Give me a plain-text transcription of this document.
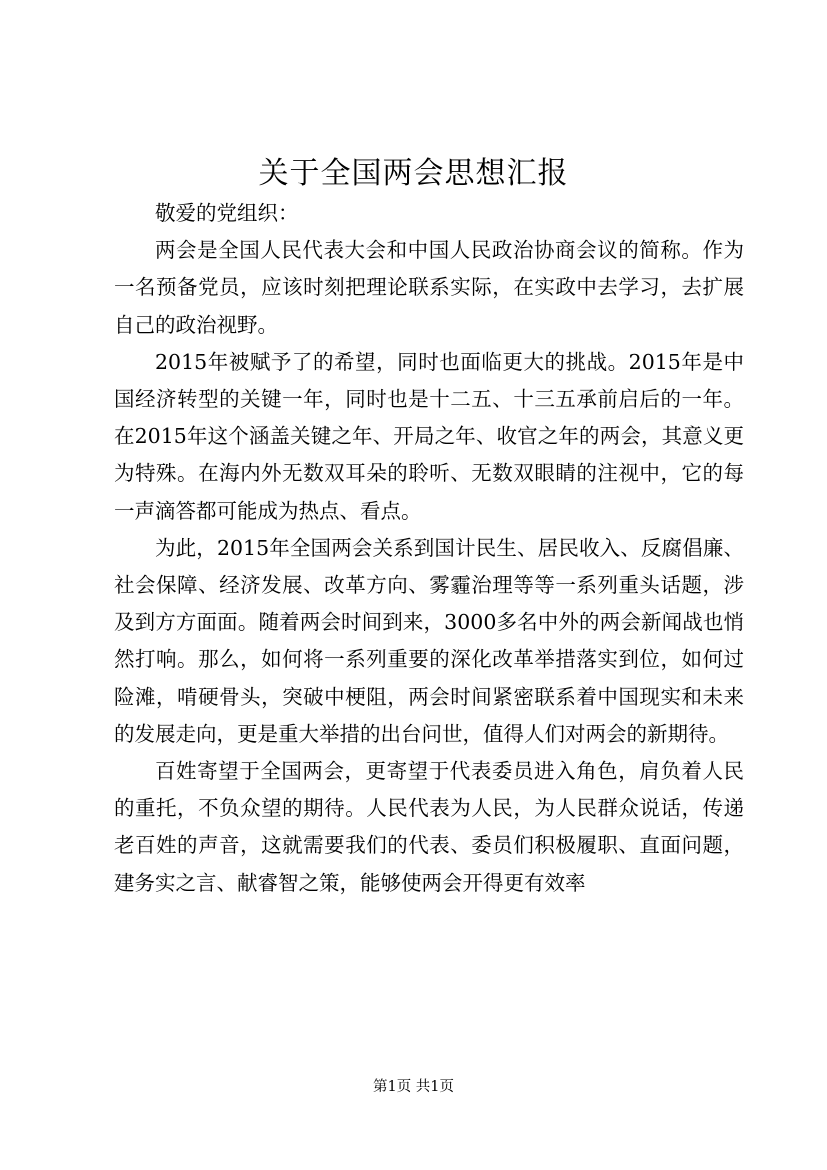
关于全国两会思想汇报

敬爱的党组织：

两会是全国人民代表大会和中国人民政治协商会议的简称。作为一名预备党员，应该时刻把理论联系实际，在实政中去学习，去扩展自己的政治视野。

2015年被赋予了的希望，同时也面临更大的挑战。2015年是中国经济转型的关键一年，同时也是十二五、十三五承前启后的一年。在2015年这个涵盖关键之年、开局之年、收官之年的两会，其意义更为特殊。在海内外无数双耳朵的聆听、无数双眼睛的注视中，它的每一声滴答都可能成为热点、看点。

为此，2015年全国两会关系到国计民生、居民收入、反腐倡廉、社会保障、经济发展、改革方向、雾霾治理等等一系列重头话题，涉及到方方面面。随着两会时间到来，3000多名中外的两会新闻战也悄然打响。那么，如何将一系列重要的深化改革举措落实到位，如何过险滩，啃硬骨头，突破中梗阻，两会时间紧密联系着中国现实和未来的发展走向，更是重大举措的出台问世，值得人们对两会的新期待。

百姓寄望于全国两会，更寄望于代表委员进入角色，肩负着人民的重托，不负众望的期待。人民代表为人民，为人民群众说话，传递老百姓的声音，这就需要我们的代表、委员们积极履职、直面问题，建务实之言、献睿智之策，能够使两会开得更有效率

第1页 共1页
